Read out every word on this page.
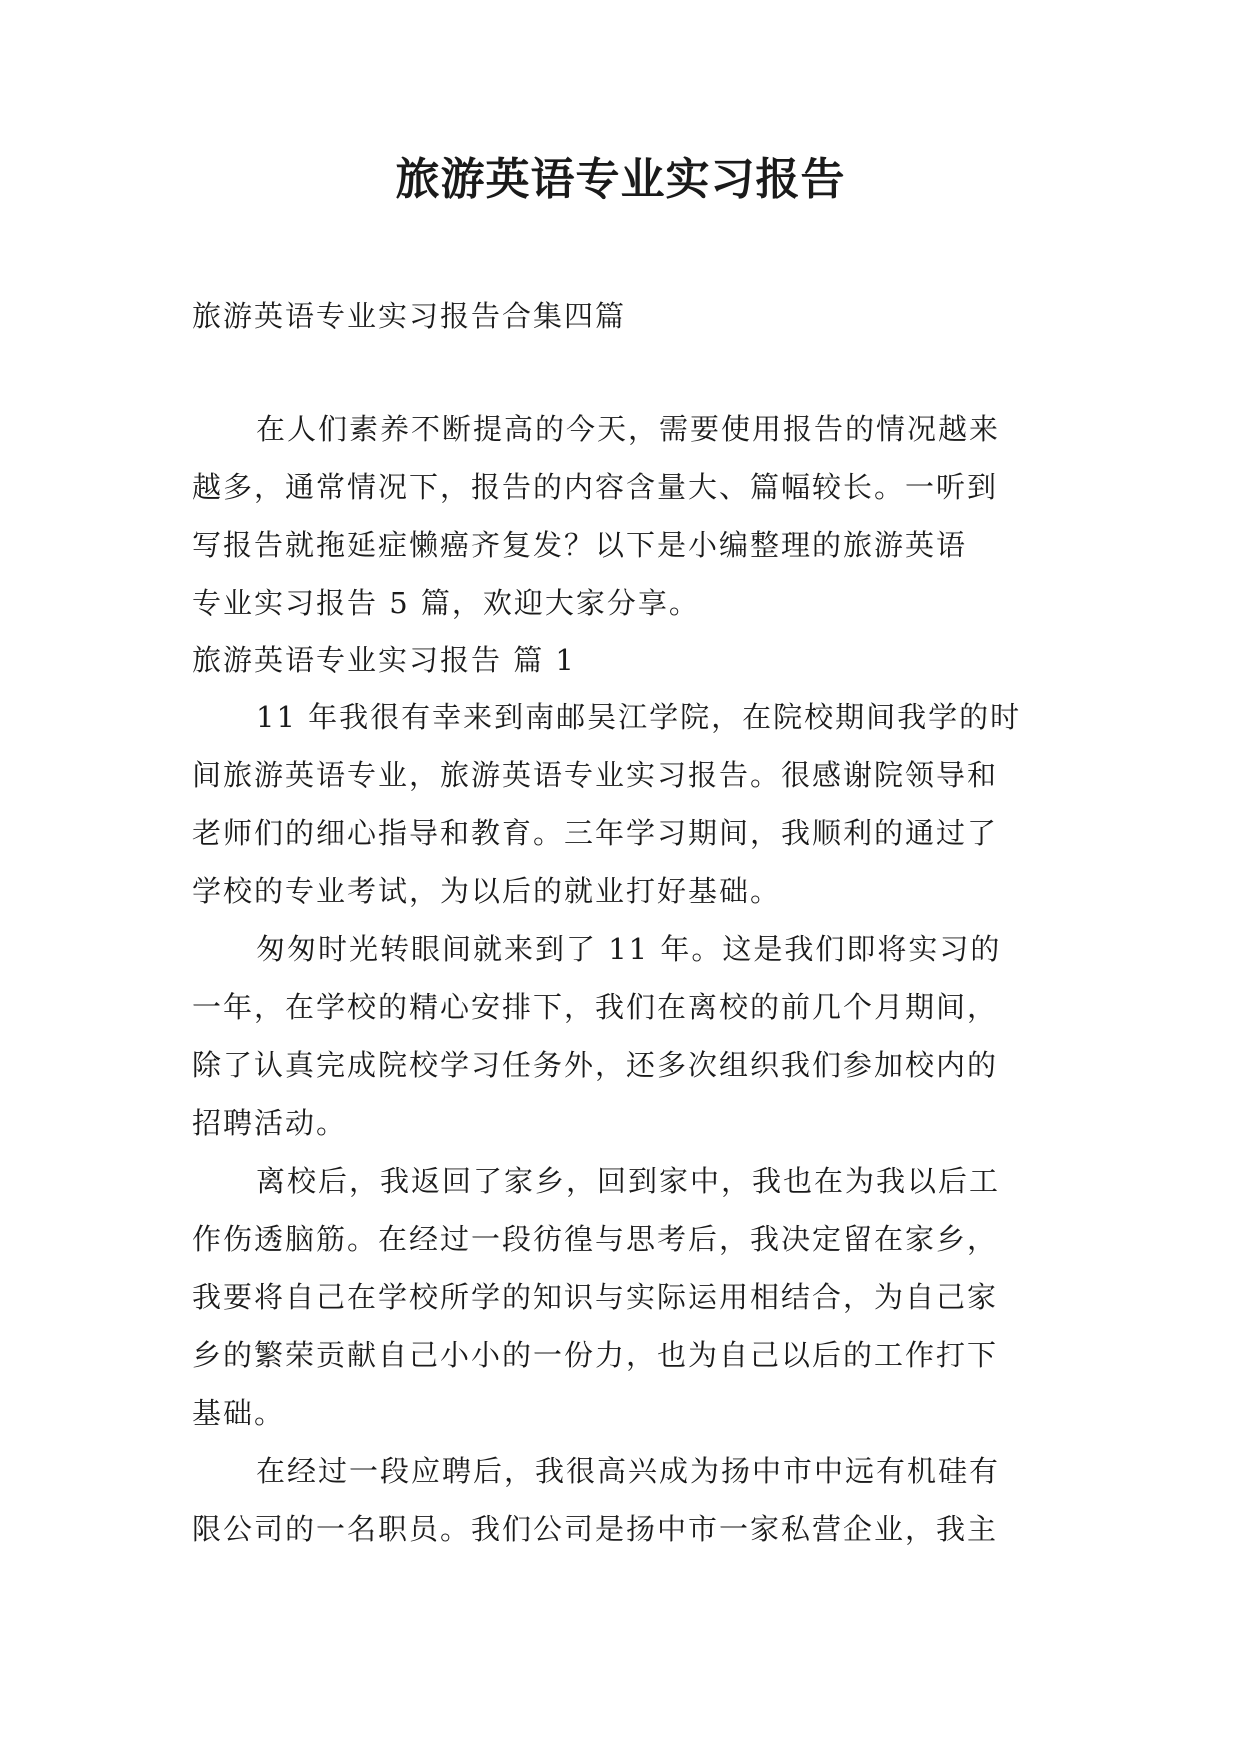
旅游英语专业实习报告

旅游英语专业实习报告合集四篇

在人们素养不断提高的今天，需要使用报告的情况越来

越多，通常情况下，报告的内容含量大、篇幅较长。一听到

写报告就拖延症懒癌齐复发？以下是小编整理的旅游英语

专业实习报告 5 篇，欢迎大家分享。

旅游英语专业实习报告 篇 1

11 年我很有幸来到南邮吴江学院，在院校期间我学的时

间旅游英语专业，旅游英语专业实习报告。很感谢院领导和

老师们的细心指导和教育。三年学习期间，我顺利的通过了

学校的专业考试，为以后的就业打好基础。

匆匆时光转眼间就来到了 11 年。这是我们即将实习的

一年，在学校的精心安排下，我们在离校的前几个月期间，

除了认真完成院校学习任务外，还多次组织我们参加校内的

招聘活动。

离校后，我返回了家乡，回到家中，我也在为我以后工

作伤透脑筋。在经过一段彷徨与思考后，我决定留在家乡，

我要将自己在学校所学的知识与实际运用相结合，为自己家

乡的繁荣贡献自己小小的一份力，也为自己以后的工作打下

基础。

在经过一段应聘后，我很高兴成为扬中市中远有机硅有

限公司的一名职员。我们公司是扬中市一家私营企业，我主
